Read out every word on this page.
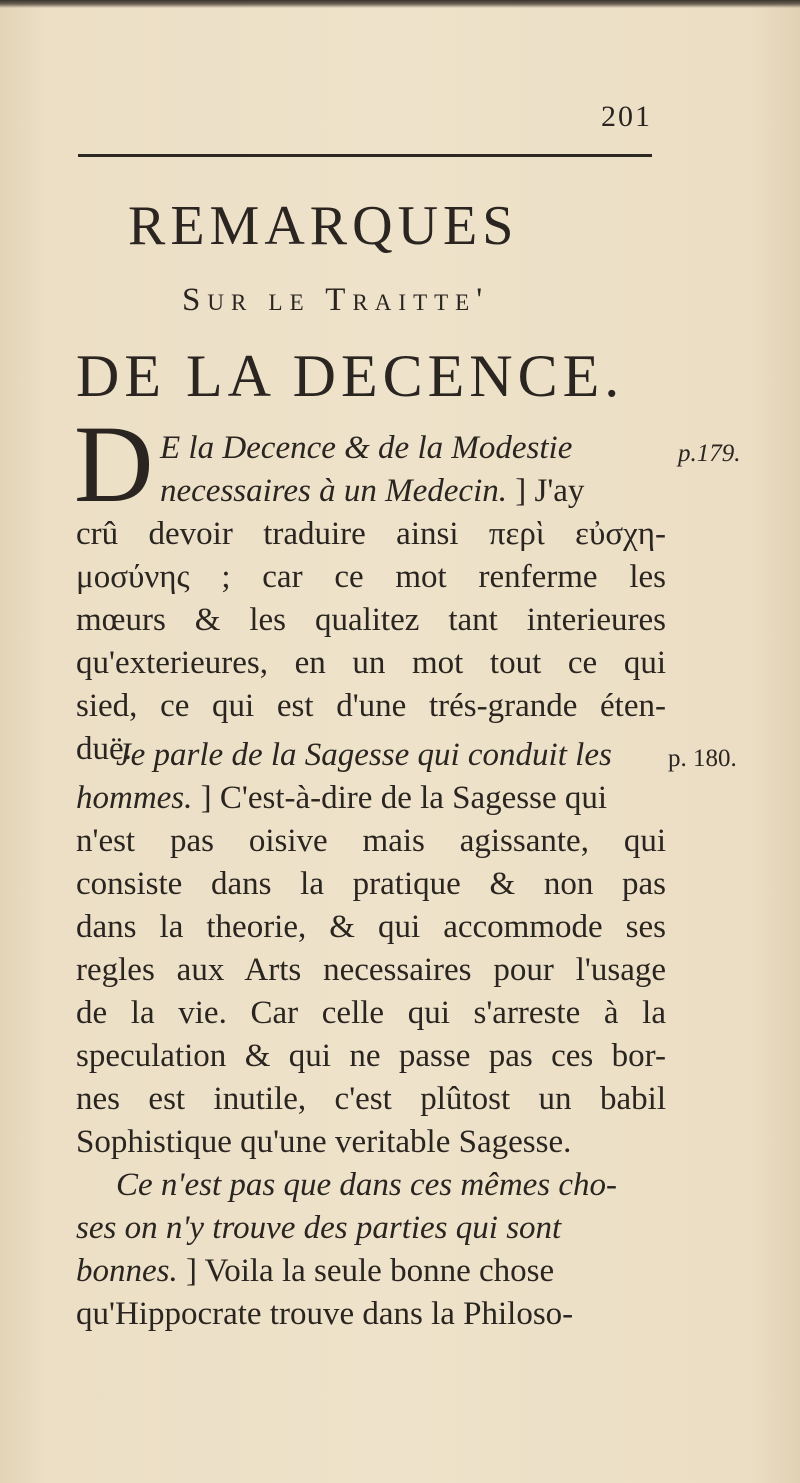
201
REMARQUES
Sur le Traitte'
DE LA DECENCE.
D	p.179.
p. 180.
E la Decence & de la Modestie
necessaires à un Medecin. ] J'ay
crû devoir traduire ainsi περὶ εὐσχη-
μοσύνης ; car ce mot renferme les
mœurs & les qualitez tant interieures
qu'exterieures, en un mot tout ce qui
sied, ce qui est d'une trés-grande éten-
duë.
Je parle de la Sagesse qui conduit les
hommes. ] C'est-à-dire de la Sagesse qui
n'est pas oisive mais agissante, qui
consiste dans la pratique & non pas
dans la theorie, & qui accommode ses
regles aux Arts necessaires pour l'usage
de la vie. Car celle qui s'arreste à la
speculation & qui ne passe pas ces bor-
nes est inutile, c'est plûtost un babil
Sophistique qu'une veritable Sagesse.
Ce n'est pas que dans ces mêmes cho-
ses on n'y trouve des parties qui sont
bonnes. ] Voila la seule bonne chose
qu'Hippocrate trouve dans la Philoso-
